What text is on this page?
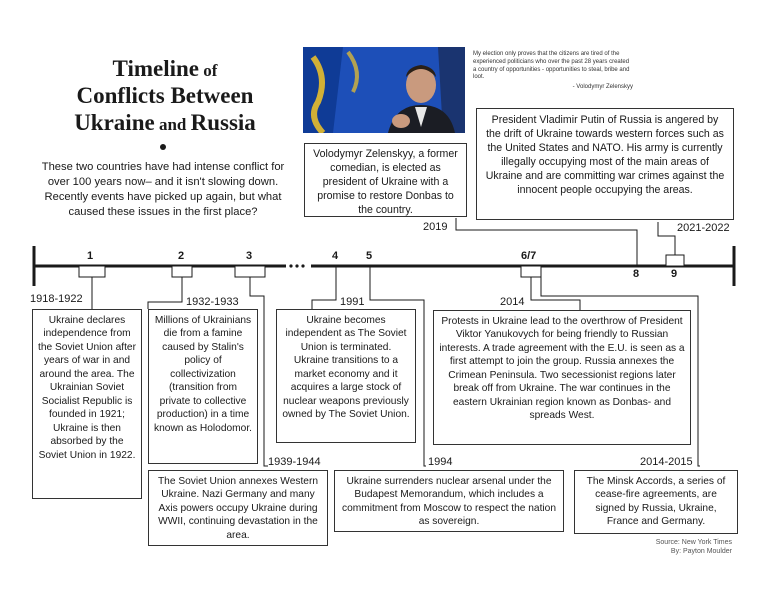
Timeline of
Conflicts Between
Ukraine and Russia
These two countries have had intense conflict for over 100 years now– and it isn't slowing down. Recently events have picked up again, but what caused these issues in the first place?
My election only proves that the citizens are tired of the experienced politicians who over the past 28 years created a country of opportunities - opportunities to steal, bribe and loot.
- Volodymyr Zelenskyy
1	2	3	4	5	6/7
8	9
1918-1922	1932-1933
1939-1944
1991
1994
2014
2014-2015
2019	2021-2022
Ukraine declares independence from the Soviet Union after years of war in and around the area. The Ukrainian Soviet Socialist Republic is founded in 1921; Ukraine is then absorbed by the Soviet Union in 1922.
Millions of Ukrainians die from a famine caused by Stalin's policy of collectivization (transition from private to collective production) in a time known as Holodomor.
The Soviet Union annexes Western Ukraine. Nazi Germany and many Axis powers occupy Ukraine during WWII, continuing devastation in the area.
Ukraine becomes independent as The Soviet Union is terminated. Ukraine transitions to a market economy and it acquires a large stock of nuclear weapons previously owned by The Soviet Union.
Ukraine surrenders nuclear arsenal under the Budapest Memorandum, which includes a commitment from Moscow to respect the nation as sovereign.
Protests in Ukraine lead to the overthrow of President Viktor Yanukovych for being friendly to Russian interests. A trade agreement with the E.U. is seen as a first attempt to join the group. Russia annexes the Crimean Peninsula. Two secessionist regions later break off from Ukraine. The war continues in the eastern Ukrainian region known as Donbas- and spreads West.
The Minsk Accords, a series of cease-fire agreements, are signed by Russia, Ukraine, France and Germany.
Volodymyr Zelenskyy, a former comedian, is elected as president of Ukraine with a promise to restore Donbas to the country.
President Vladimir Putin of Russia is angered by the drift of Ukraine towards western forces such as the United States and NATO. His army is currently illegally occupying most of the main areas of Ukraine and are committing war crimes against the innocent people occupying the areas.
Source: New York Times
By: Payton Moulder
